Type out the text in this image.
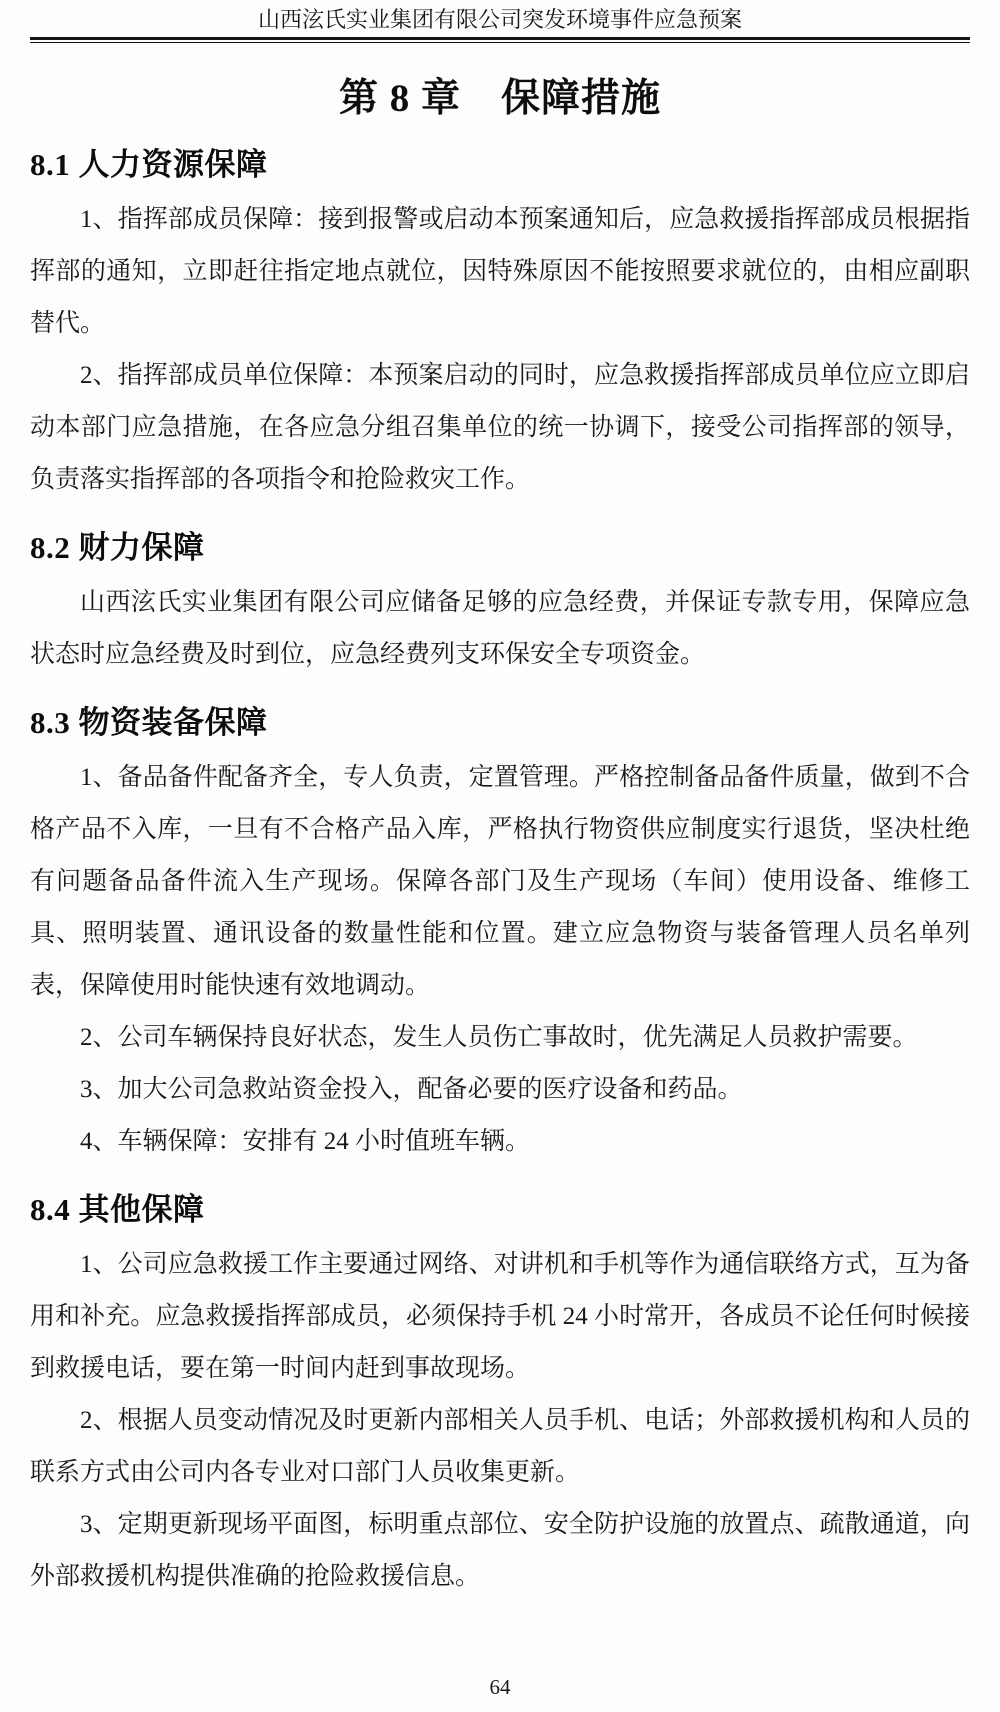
山西泫氏实业集团有限公司突发环境事件应急预案
第 8 章　保障措施
8.1 人力资源保障

1、指挥部成员保障：接到报警或启动本预案通知后，应急救援指挥部成员根据指挥部的通知，立即赶往指定地点就位，因特殊原因不能按照要求就位的，由相应副职替代。

2、指挥部成员单位保障：本预案启动的同时，应急救援指挥部成员单位应立即启动本部门应急措施，在各应急分组召集单位的统一协调下，接受公司指挥部的领导，负责落实指挥部的各项指令和抢险救灾工作。

8.2 财力保障

山西泫氏实业集团有限公司应储备足够的应急经费，并保证专款专用，保障应急状态时应急经费及时到位，应急经费列支环保安全专项资金。

8.3 物资装备保障

1、备品备件配备齐全，专人负责，定置管理。严格控制备品备件质量，做到不合格产品不入库，一旦有不合格产品入库，严格执行物资供应制度实行退货，坚决杜绝有问题备品备件流入生产现场。保障各部门及生产现场（车间）使用设备、维修工具、照明装置、通讯设备的数量性能和位置。建立应急物资与装备管理人员名单列表，保障使用时能快速有效地调动。

2、公司车辆保持良好状态，发生人员伤亡事故时，优先满足人员救护需要。

3、加大公司急救站资金投入，配备必要的医疗设备和药品。

4、车辆保障：安排有 24 小时值班车辆。

8.4 其他保障

1、公司应急救援工作主要通过网络、对讲机和手机等作为通信联络方式，互为备用和补充。应急救援指挥部成员，必须保持手机 24 小时常开，各成员不论任何时候接到救援电话，要在第一时间内赶到事故现场。

2、根据人员变动情况及时更新内部相关人员手机、电话；外部救援机构和人员的联系方式由公司内各专业对口部门人员收集更新。

3、定期更新现场平面图，标明重点部位、安全防护设施的放置点、疏散通道，向外部救援机构提供准确的抢险救援信息。

64
